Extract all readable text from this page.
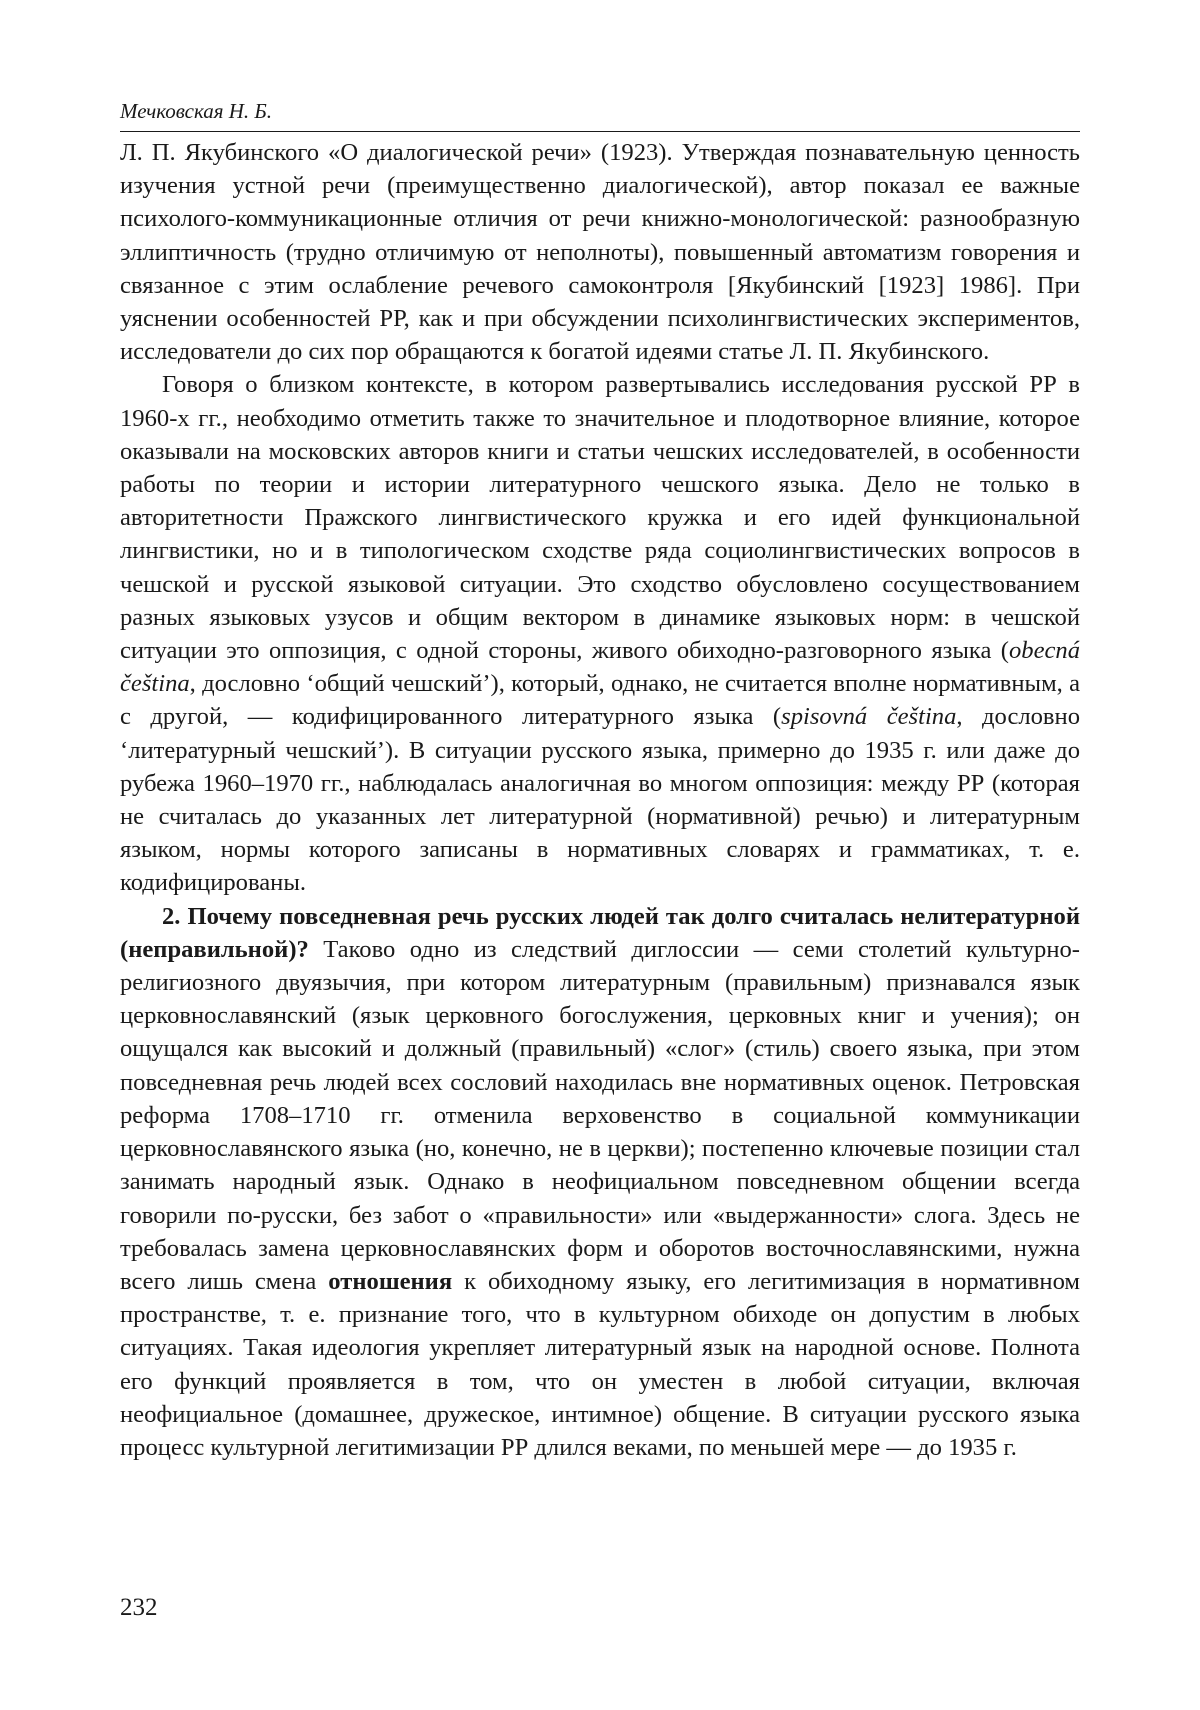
Мечковская Н. Б.

Л. П. Якубинского «О диалогической речи» (1923). Утверждая познавательную ценность изучения устной речи (преимущественно диалогической), автор показал ее важные психолого-коммуникационные отличия от речи книжно-монологической: разнообразную эллиптичность (трудно отличимую от неполноты), повышенный автоматизм говорения и связанное с этим ослабление речевого самоконтроля [Якубинский [1923] 1986]. При уяснении особенностей РР, как и при обсуждении психолингвистических экспериментов, исследователи до сих пор обращаются к богатой идеями статье Л. П. Якубинского.

Говоря о близком контексте, в котором развертывались исследования русской РР в 1960-х гг., необходимо отметить также то значительное и плодотворное влияние, которое оказывали на московских авторов книги и статьи чешских исследователей, в особенности работы по теории и истории литературного чешского языка. Дело не только в авторитетности Пражского лингвистического кружка и его идей функциональной лингвистики, но и в типологическом сходстве ряда социолингвистических вопросов в чешской и русской языковой ситуации. Это сходство обусловлено сосуществованием разных языковых узусов и общим вектором в динамике языковых норм: в чешской ситуации это оппозиция, с одной стороны, живого обиходно-разговорного языка (obecná čeština, дословно ‘общий чешский’), который, однако, не считается вполне нормативным, а с другой, — кодифицированного литературного языка (spisovná čeština, дословно ‘литературный чешский’). В ситуации русского языка, примерно до 1935 г. или даже до рубежа 1960–1970 гг., наблюдалась аналогичная во многом оппозиция: между РР (которая не считалась до указанных лет литературной (нормативной) речью) и литературным языком, нормы которого записаны в нормативных словарях и грамматиках, т. е. кодифицированы.

2. Почему повседневная речь русских людей так долго считалась нелитературной (неправильной)? Таково одно из следствий диглоссии — семи столетий культурно-религиозного двуязычия, при котором литературным (правильным) признавался язык церковнославянский (язык церковного богослужения, церковных книг и учения); он ощущался как высокий и должный (правильный) «слог» (стиль) своего языка, при этом повседневная речь людей всех сословий находилась вне нормативных оценок. Петровская реформа 1708–1710 гг. отменила верховенство в социальной коммуникации церковнославянского языка (но, конечно, не в церкви); постепенно ключевые позиции стал занимать народный язык. Однако в неофициальном повседневном общении всегда говорили по-русски, без забот о «правильности» или «выдержанности» слога. Здесь не требовалась замена церковнославянских форм и оборотов восточнославянскими, нужна всего лишь смена отношения к обиходному языку, его легитимизация в нормативном пространстве, т. е. признание того, что в культурном обиходе он допустим в любых ситуациях. Такая идеология укрепляет литературный язык на народной основе. Полнота его функций проявляется в том, что он уместен в любой ситуации, включая неофициальное (домашнее, дружеское, интимное) общение. В ситуации русского языка процесс культурной легитимизации РР длился веками, по меньшей мере — до 1935 г.

232
